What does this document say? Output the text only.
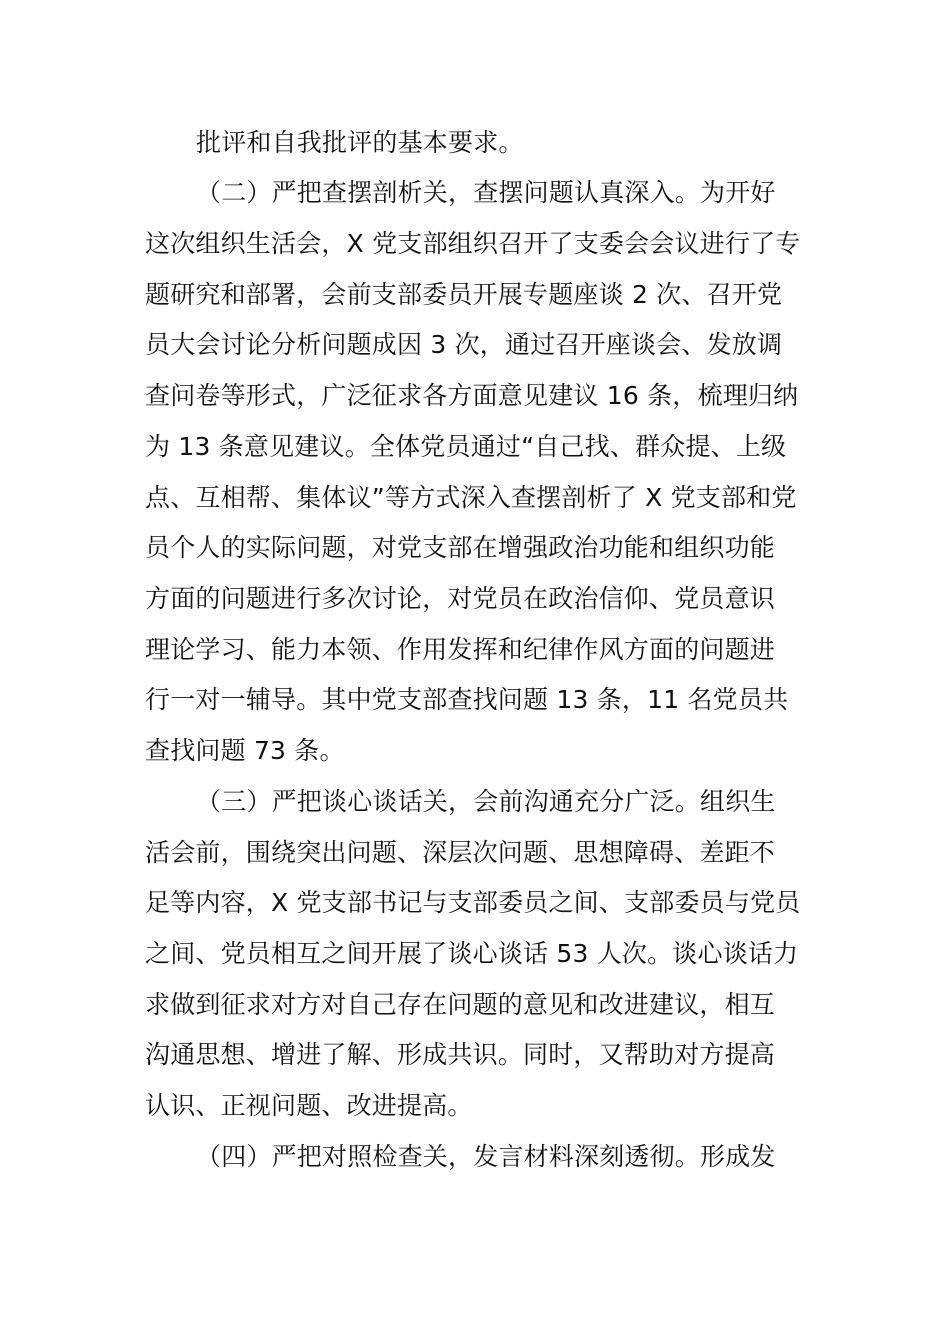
批评和自我批评的基本要求。
（二）严把查摆剖析关，查摆问题认真深入。为开好
这次组织生活会，X 党支部组织召开了支委会会议进行了专
题研究和部署，会前支部委员开展专题座谈 2 次、召开党
员大会讨论分析问题成因 3 次，通过召开座谈会、发放调
查问卷等形式，广泛征求各方面意见建议 16 条，梳理归纳
为 13 条意见建议。全体党员通过“自己找、群众提、上级
点、互相帮、集体议”等方式深入查摆剖析了 X 党支部和党
员个人的实际问题，对党支部在增强政治功能和组织功能
方面的问题进行多次讨论，对党员在政治信仰、党员意识
理论学习、能力本领、作用发挥和纪律作风方面的问题进
行一对一辅导。其中党支部查找问题 13 条，11 名党员共
查找问题 73 条。
（三）严把谈心谈话关，会前沟通充分广泛。组织生
活会前，围绕突出问题、深层次问题、思想障碍、差距不
足等内容，X 党支部书记与支部委员之间、支部委员与党员
之间、党员相互之间开展了谈心谈话 53 人次。谈心谈话力
求做到征求对方对自己存在问题的意见和改进建议，相互
沟通思想、增进了解、形成共识。同时，又帮助对方提高
认识、正视问题、改进提高。
（四）严把对照检查关，发言材料深刻透彻。形成发
